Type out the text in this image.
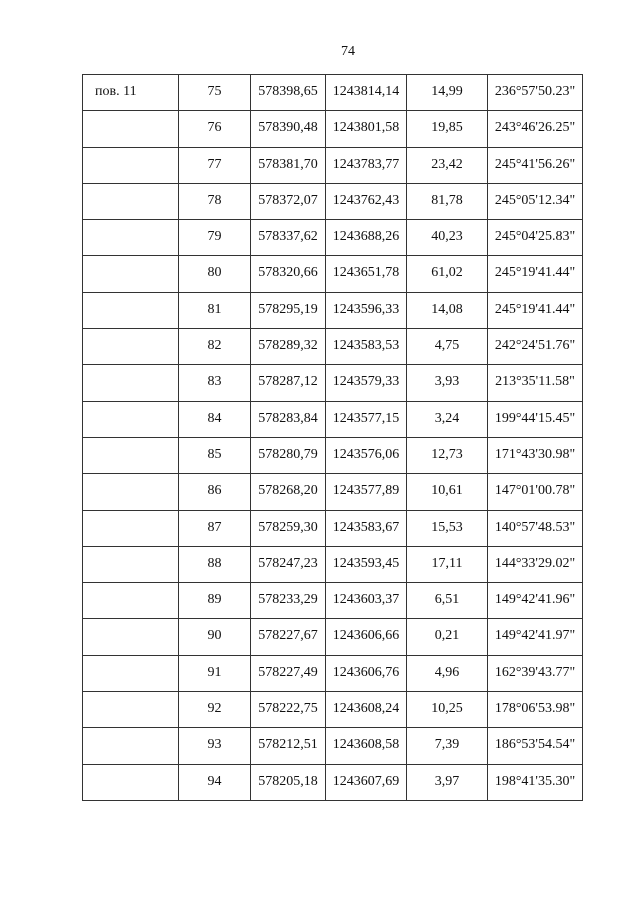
74
пов. 11	75	578398,65	1243814,14	14,99	236°57'50.23"
	76	578390,48	1243801,58	19,85	243°46'26.25"
	77	578381,70	1243783,77	23,42	245°41'56.26"
	78	578372,07	1243762,43	81,78	245°05'12.34"
	79	578337,62	1243688,26	40,23	245°04'25.83"
	80	578320,66	1243651,78	61,02	245°19'41.44"
	81	578295,19	1243596,33	14,08	245°19'41.44"
	82	578289,32	1243583,53	4,75	242°24'51.76"
	83	578287,12	1243579,33	3,93	213°35'11.58"
	84	578283,84	1243577,15	3,24	199°44'15.45"
	85	578280,79	1243576,06	12,73	171°43'30.98"
	86	578268,20	1243577,89	10,61	147°01'00.78"
	87	578259,30	1243583,67	15,53	140°57'48.53"
	88	578247,23	1243593,45	17,11	144°33'29.02"
	89	578233,29	1243603,37	6,51	149°42'41.96"
	90	578227,67	1243606,66	0,21	149°42'41.97"
	91	578227,49	1243606,76	4,96	162°39'43.77"
	92	578222,75	1243608,24	10,25	178°06'53.98"
	93	578212,51	1243608,58	7,39	186°53'54.54"
	94	578205,18	1243607,69	3,97	198°41'35.30"
